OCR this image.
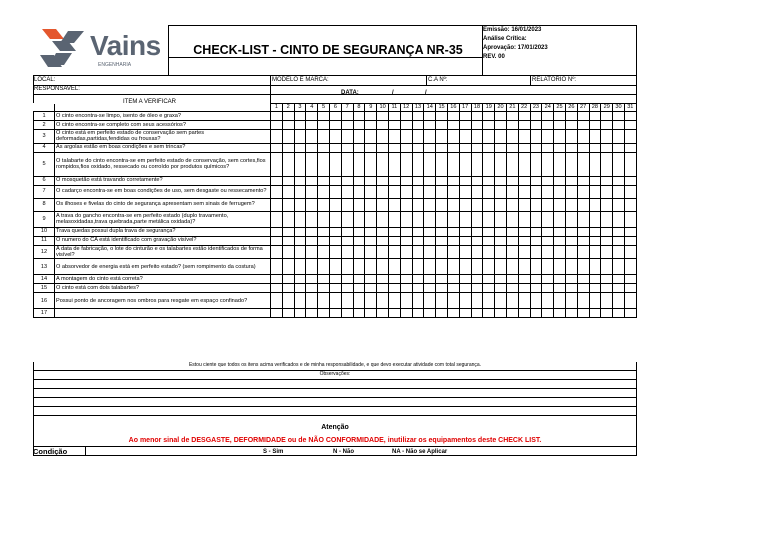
Vains
ENGENHARIA
CHECK-LIST - CINTO DE SEGURANÇA NR-35
Emissão: 16/01/2023
Análise Crítica:
Aprovação: 17/01/2023
REV. 00
LOCAL:	MODELO E MARCA:	C.A Nº:	RELATÓRIO Nº:
RESPONSAVEL:
DATA:	/	/
ITEM A VERIFICAR
		1	2	3	4	5	6	7	8	9	10	11	12	13	14	15	16	17	18	19	20	21	22	23	24	25	26	27	28	29	30	31
1	O cinto encontra-se limpo, isento de óleo e graxa?																															
2	O cinto encontra-se completo com seus acessórios?																															
3	O cinto está em perfeito estado de conservação sem partes deformadas,partidas,fendidas ou frouxas?																															
4	As argolas estão em boas condições e sem trincas?																															
5	O talabarte do cinto encontra-se em perfeito estado de conservação, sem cortes,fios rompidos,fios oxidado, ressecado ou corroído por produtos químicos?																															
6	O mosquetão está travando corretamente?																															
7	O cadarço encontra-se em boas condições de uso, sem desgaste ou ressecamento?																															
8	Os ilhoses e fivelas do cinto de segurança apresentam sem sinais de ferrugem?																															
9	A trava do gancho encontra-se em perfeito estado (duplo travamento, melasoxidadas,trava quebrada,parte metálica oxidada)?																															
10	Trava quedas possui dupla trava de segurança?																															
11	O numero do CA está identificado com gravação visível?																															
12	A data de fabricação, o lote do cinturão e os talabartes estão identificados de forma visível?																															
13	O absorvedor de energia está em perfeito estado? (sem rompimento da costura)																															
14	A montagem do cinto está correta?																															
15	O cinto está com dois talabartes?																															
16	Possui ponto de ancoragem nos ombros para resgate em espaço confinado?																															
17																																
Estou ciente que todos os itens acima verificados e de minha responsabilidade, e que devo executar atividade com total segurança.
Observações:
Atenção
Ao menor sinal de DESGASTE, DEFORMIDADE ou de NÃO CONFORMIDADE, inutilizar os equipamentos deste CHECK LIST.
Condição	S - Sim	N - Não	NA - Não se Aplicar
